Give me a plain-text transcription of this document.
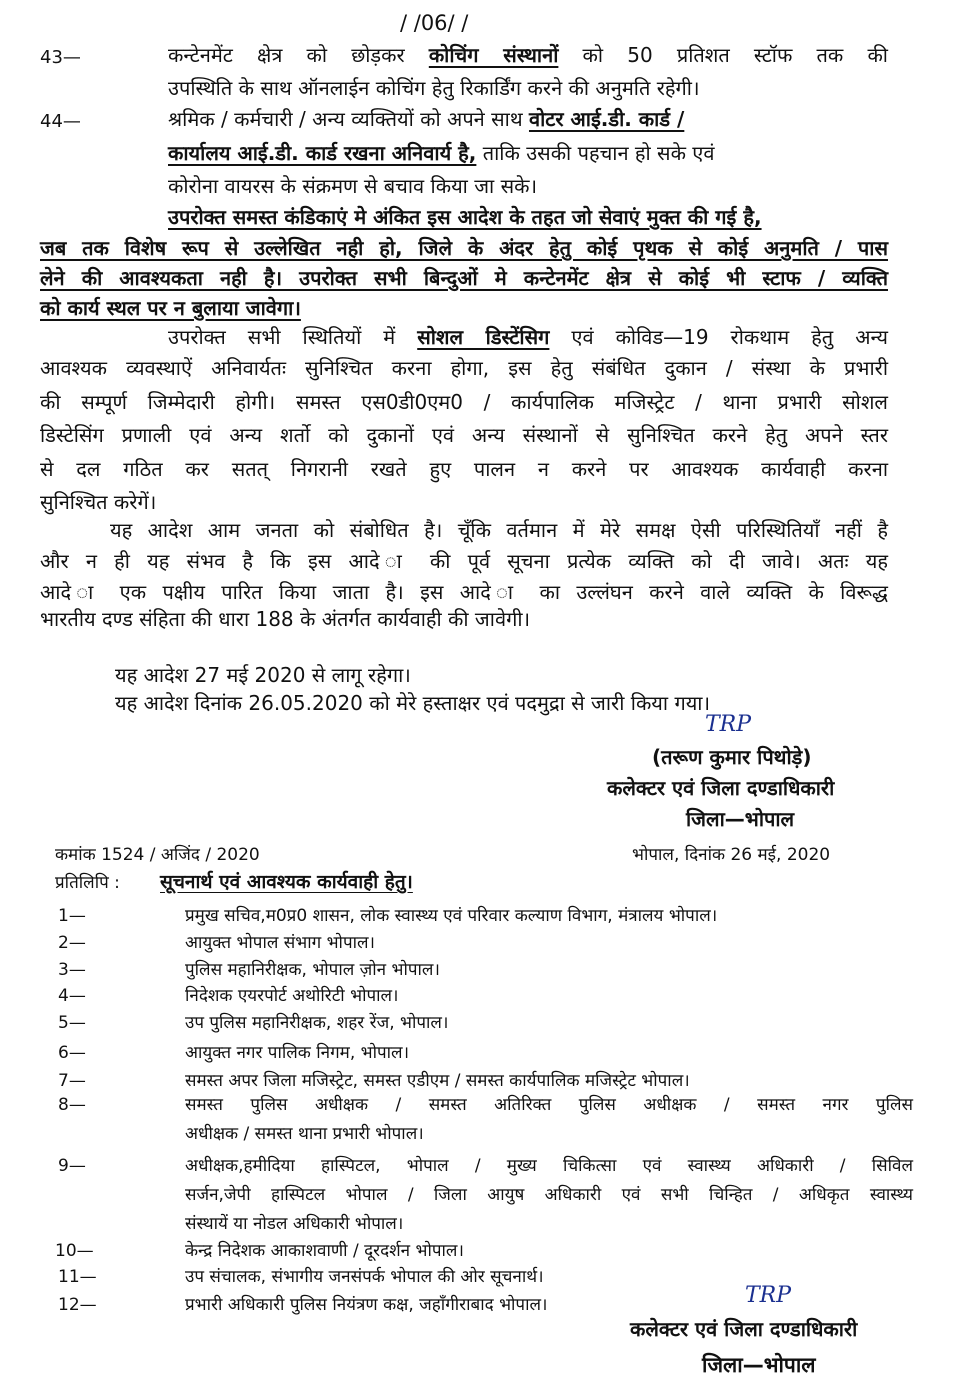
/ /06/ /
43—	कन्टेनमेंट क्षेत्र को छोड़कर कोचिंग संस्थानों को 50 प्रतिशत स्टॉफ तक की
उपस्थिति के साथ ऑनलाईन कोचिंग हेतु रिकार्डिंग करने की अनुमति रहेगी।
44—	श्रमिक / कर्मचारी / अन्य व्यक्तियों को अपने साथ वोटर आई.डी. कार्ड /
कार्यालय आई.डी. कार्ड रखना अनिवार्य है, ताकि उसकी पहचान हो सके एवं
कोरोना वायरस के संक्रमण से बचाव किया जा सके।
उपरोक्त समस्त कंडिकाएं मे अंकित इस आदेश के तहत जो सेवाएं मुक्त की गई है,
जब तक विशेष रूप से उल्लेखित नही हो, जिले के अंदर हेतु कोई पृथक से कोई अनुमति / पास
लेने की आवश्यकता नही है। उपरोक्त सभी बिन्दुओं मे कन्टेनमेंट क्षेत्र से कोई भी स्टाफ / व्यक्ति
को कार्य स्थल पर न बुलाया जावेगा।
उपरोक्त सभी स्थितियों में सोशल डिस्टेंसिग एवं कोविड—19 रोकथाम हेतु अन्य
आवश्यक व्यवस्थाऐं अनिवार्यतः सुनिश्चित करना होगा, इस हेतु संबंधित दुकान / संस्था के प्रभारी
की सम्पूर्ण जिम्मेदारी होगी। समस्त एस0डी0एम0 / कार्यपालिक मजिस्ट्रेट / थाना प्रभारी सोशल
डिस्टेसिंग प्रणाली एवं अन्य शर्तो को दुकानों एवं अन्य संस्थानों से सुनिश्चित करने हेतु अपने स्तर
से दल गठित कर सतत् निगरानी रखते हुए पालन न करने पर आवश्यक कार्यवाही करना
सुनिश्चित करेगें।
यह आदेश आम जनता को संबोधित है। चूँकि वर्तमान में मेरे समक्ष ऐसी परिस्थितियॉं नहीं है
और न ही यह संभव है कि इस आदे ा की पूर्व सूचना प्रत्येक व्यक्ति को दी जावे। अतः यह
आदे ा एक पक्षीय पारित किया जाता है। इस आदे ा का उल्लंघन करने वाले व्यक्ति के विरूद्ध
भारतीय दण्ड संहिता की धारा 188 के अंतर्गत कार्यवाही की जावेगी।
यह आदेश 27 मई 2020 से लागू रहेगा।
यह आदेश दिनांक 26.05.2020 को मेरे हस्ताक्षर एवं पदमुद्रा से जारी किया गया।
TRP
(तरूण कुमार पिथोड़े)
कलेक्टर एवं जिला दण्डाधिकारी
जिला—भोपाल
कमांक 1524 / अजिंद / 2020	भोपाल, दिनांक 26 मई, 2020
प्रतिलिपि : सूचनार्थ एवं आवश्यक कार्यवाही हेतु।
1—	प्रमुख सचिव,म0प्र0 शासन, लोक स्वास्थ्य एवं परिवार कल्याण विभाग, मंत्रालय भोपाल।
2—	आयुक्त भोपाल संभाग भोपाल।
3—	पुलिस महानिरीक्षक, भोपाल ज़ोन भोपाल।
4—	निदेशक एयरपोर्ट अथोरिटी भोपाल।
5—	उप पुलिस महानिरीक्षक, शहर रेंज, भोपाल।
6—	आयुक्त नगर पालिक निगम, भोपाल।
7—	समस्त अपर जिला मजिस्ट्रेट, समस्त एडीएम / समस्त कार्यपालिक मजिस्ट्रेट भोपाल।
8—	समस्त पुलिस अधीक्षक / समस्त अतिरिक्त पुलिस अधीक्षक / समस्त नगर पुलिस
अधीक्षक / समस्त थाना प्रभारी भोपाल।
9—	अधीक्षक,हमीदिया हास्पिटल, भोपाल / मुख्य चिकित्सा एवं स्वास्थ्य अधिकारी / सिविल
सर्जन,जेपी हास्पिटल भोपाल / जिला आयुष अधिकारी एवं सभी चिन्हित / अधिकृत स्वास्थ्य
संस्थायें या नोडल अधिकारी भोपाल।
10—	केन्द्र निदेशक आकाशवाणी / दूरदर्शन भोपाल।
11—	उप संचालक, संभागीय जनसंपर्क भोपाल की ओर सूचनार्थ।
12—	प्रभारी अधिकारी पुलिस नियंत्रण कक्ष, जहॉंगीराबाद भोपाल।	TRP
कलेक्टर एवं जिला दण्डाधिकारी
जिला—भोपाल
